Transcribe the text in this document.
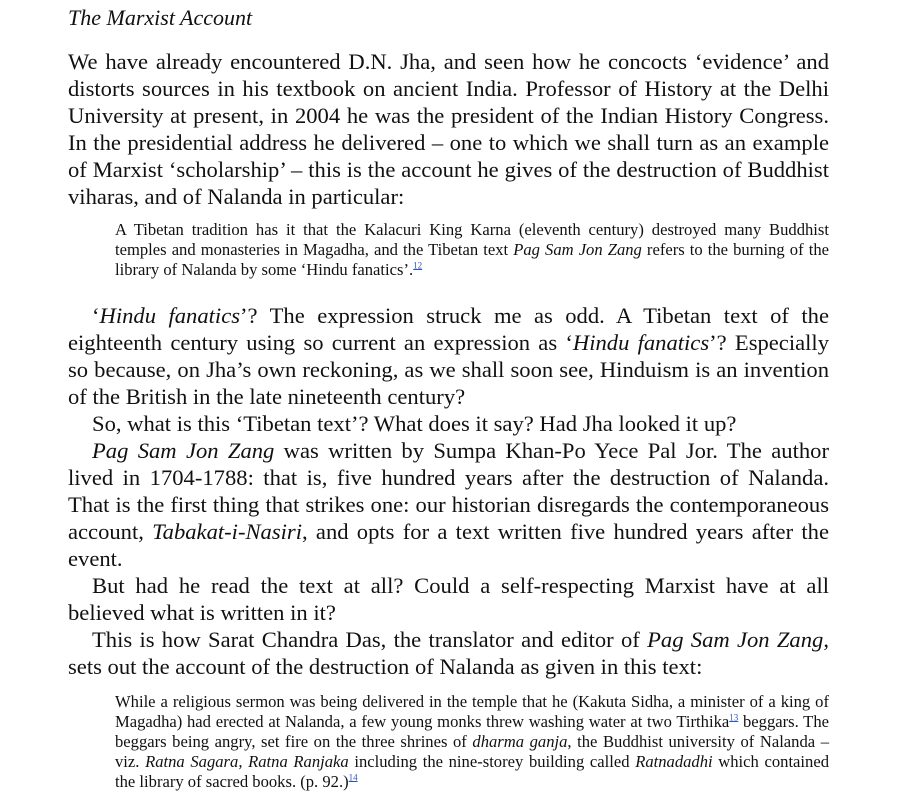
The Marxist Account

We have already encountered D.N. Jha, and seen how he concocts ‘evidence’ and distorts sources in his textbook on ancient India. Professor of History at the Delhi University at present, in 2004 he was the president of the Indian History Congress. In the presidential address he delivered – one to which we shall turn as an example of Marxist ‘scholarship’ – this is the account he gives of the destruction of Buddhist viharas, and of Nalanda in particular:

A Tibetan tradition has it that the Kalacuri King Karna (eleventh century) destroyed many Buddhist temples and monasteries in Magadha, and the Tibetan text Pag Sam Jon Zang refers to the burning of the library of Nalanda by some ‘Hindu fanatics’.$^{12}$

‘Hindu fanatics’? The expression struck me as odd. A Tibetan text of the eighteenth century using so current an expression as ‘Hindu fanatics’? Especially so because, on Jha’s own reckoning, as we shall soon see, Hinduism is an invention of the British in the late nineteenth century?

So, what is this ‘Tibetan text’? What does it say? Had Jha looked it up?

Pag Sam Jon Zang was written by Sumpa Khan-Po Yece Pal Jor. The author lived in 1704-1788: that is, five hundred years after the destruction of Nalanda. That is the first thing that strikes one: our historian disregards the contemporaneous account, Tabakat-i-Nasiri, and opts for a text written five hundred years after the event.

But had he read the text at all? Could a self-respecting Marxist have at all believed what is written in it?

This is how Sarat Chandra Das, the translator and editor of Pag Sam Jon Zang, sets out the account of the destruction of Nalanda as given in this text:

While a religious sermon was being delivered in the temple that he (Kakuta Sidha, a minister of a king of Magadha) had erected at Nalanda, a few young monks threw washing water at two Tirthika$^{13}$ beggars. The beggars being angry, set fire on the three shrines of dharma ganja, the Buddhist university of Nalanda – viz. Ratna Sagara, Ratna Ranjaka including the nine-storey building called Ratnadadhi which contained the library of sacred books. (p. 92.)$^{14}$
